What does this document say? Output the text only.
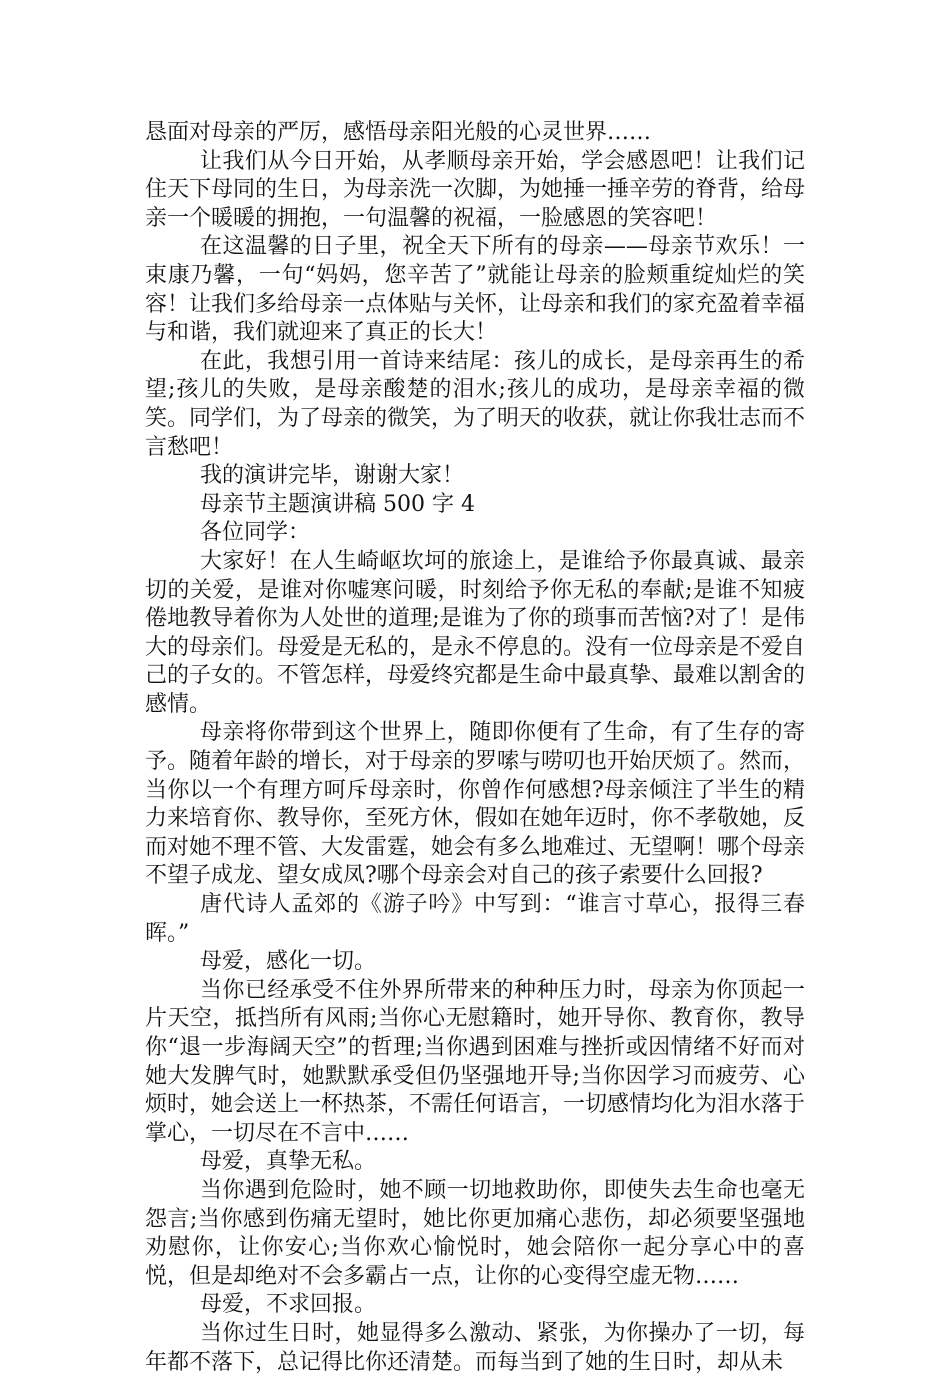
恳面对母亲的严厉，感悟母亲阳光般的心灵世界……

让我们从今日开始，从孝顺母亲开始，学会感恩吧！让我们记住天下母同的生日，为母亲洗一次脚，为她捶一捶辛劳的脊背，给母亲一个暖暖的拥抱，一句温馨的祝福，一脸感恩的笑容吧！

在这温馨的日子里，祝全天下所有的母亲——母亲节欢乐！一束康乃馨，一句“妈妈，您辛苦了”就能让母亲的脸颊重绽灿烂的笑容！让我们多给母亲一点体贴与关怀，让母亲和我们的家充盈着幸福与和谐，我们就迎来了真正的长大！

在此，我想引用一首诗来结尾：孩儿的成长，是母亲再生的希望;孩儿的失败，是母亲酸楚的泪水;孩儿的成功，是母亲幸福的微笑。同学们，为了母亲的微笑，为了明天的收获，就让你我壮志而不言愁吧！

我的演讲完毕，谢谢大家！

母亲节主题演讲稿 500 字 4

各位同学：

大家好！在人生崎岖坎坷的旅途上，是谁给予你最真诚、最亲切的关爱，是谁对你嘘寒问暖，时刻给予你无私的奉献;是谁不知疲倦地教导着你为人处世的道理;是谁为了你的琐事而苦恼?对了！是伟大的母亲们。母爱是无私的，是永不停息的。没有一位母亲是不爱自己的子女的。不管怎样，母爱终究都是生命中最真挚、最难以割舍的感情。

母亲将你带到这个世界上，随即你便有了生命，有了生存的寄予。随着年龄的增长，对于母亲的罗嗦与唠叨也开始厌烦了。然而，当你以一个有理方呵斥母亲时，你曾作何感想?母亲倾注了半生的精力来培育你、教导你，至死方休，假如在她年迈时，你不孝敬她，反而对她不理不管、大发雷霆，她会有多么地难过、无望啊！哪个母亲不望子成龙、望女成凤?哪个母亲会对自己的孩子索要什么回报?

唐代诗人孟郊的《游子吟》中写到：“谁言寸草心，报得三春晖。”

母爱，感化一切。

当你已经承受不住外界所带来的种种压力时，母亲为你顶起一片天空，抵挡所有风雨;当你心无慰籍时，她开导你、教育你，教导你“退一步海阔天空”的哲理;当你遇到困难与挫折或因情绪不好而对她大发脾气时，她默默承受但仍坚强地开导;当你因学习而疲劳、心烦时，她会送上一杯热茶，不需任何语言，一切感情均化为泪水落于掌心，一切尽在不言中……

母爱，真挚无私。

当你遇到危险时，她不顾一切地救助你，即使失去生命也毫无怨言;当你感到伤痛无望时，她比你更加痛心悲伤，却必须要坚强地劝慰你，让你安心;当你欢心愉悦时，她会陪你一起分享心中的喜悦，但是却绝对不会多霸占一点，让你的心变得空虚无物……

母爱，不求回报。

当你过生日时，她显得多么激动、紧张，为你操办了一切，每年都不落下，总记得比你还清楚。而每当到了她的生日时，却从未
